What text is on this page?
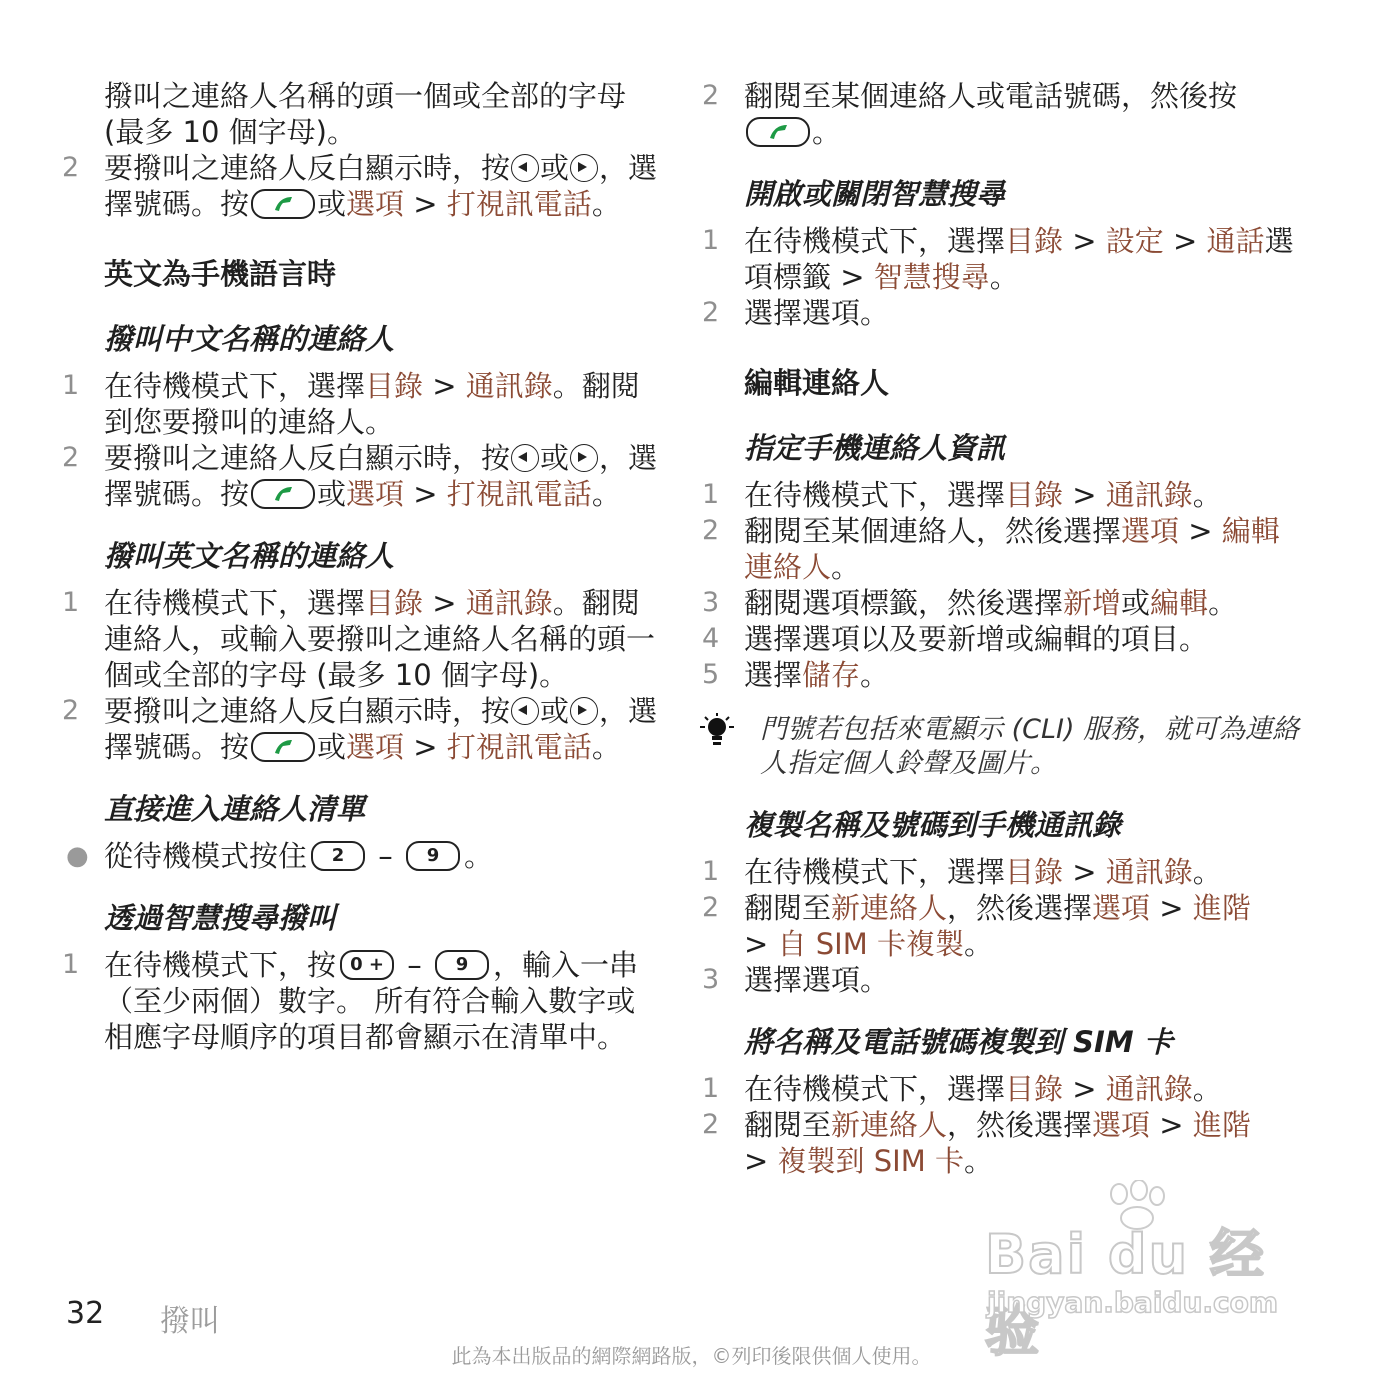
撥叫之連絡人名稱的頭一個或全部的字母 (最多 10 個字母)。
2 要撥叫之連絡人反白顯示時，按 或 ，選擇號碼。按 或選項 > 打視訊電話。
英文為手機語言時
撥叫中文名稱的連絡人
1 在待機模式下，選擇目錄 > 通訊錄。翻閱到您要撥叫的連絡人。
2 要撥叫之連絡人反白顯示時，按 或 ，選擇號碼。按 或選項 > 打視訊電話。
撥叫英文名稱的連絡人
1 在待機模式下，選擇目錄 > 通訊錄。翻閱連絡人，或輸入要撥叫之連絡人名稱的頭一個或全部的字母 (最多 10 個字母)。
2 要撥叫之連絡人反白顯示時，按 或 ，選擇號碼。按 或選項 > 打視訊電話。
直接進入連絡人清單
● 從待機模式按住 2 – 9 。
透過智慧搜尋撥叫
1 在待機模式下，按 0 + – 9 ，輸入一串（至少兩個）數字。 所有符合輸入數字或相應字母順序的項目都會顯示在清單中。
2 翻閱至某個連絡人或電話號碼，然後按
。
開啟或關閉智慧搜尋
1 在待機模式下，選擇目錄 > 設定 > 通話選項標籤 > 智慧搜尋。
2 選擇選項。
編輯連絡人
指定手機連絡人資訊
1 在待機模式下，選擇目錄 > 通訊錄。
2 翻閱至某個連絡人，然後選擇選項 > 編輯連絡人。
3 翻閱選項標籤，然後選擇新增或編輯。
4 選擇選項以及要新增或編輯的項目。
5 選擇儲存。
門號若包括來電顯示 (CLI) 服務，就可為連絡人指定個人鈴聲及圖片。
複製名稱及號碼到手機通訊錄
1 在待機模式下，選擇目錄 > 通訊錄。
2 翻閱至新連絡人，然後選擇選項 > 進階
> 自 SIM 卡複製。
3 選擇選項。
將名稱及電話號碼複製到 SIM 卡
1 在待機模式下，選擇目錄 > 通訊錄。
2 翻閱至新連絡人，然後選擇選項 > 進階
> 複製到 SIM 卡。
Bai du 经验
jingyan.baidu.com
32 撥叫
此為本出版品的網際網路版，©列印後限供個人使用。
